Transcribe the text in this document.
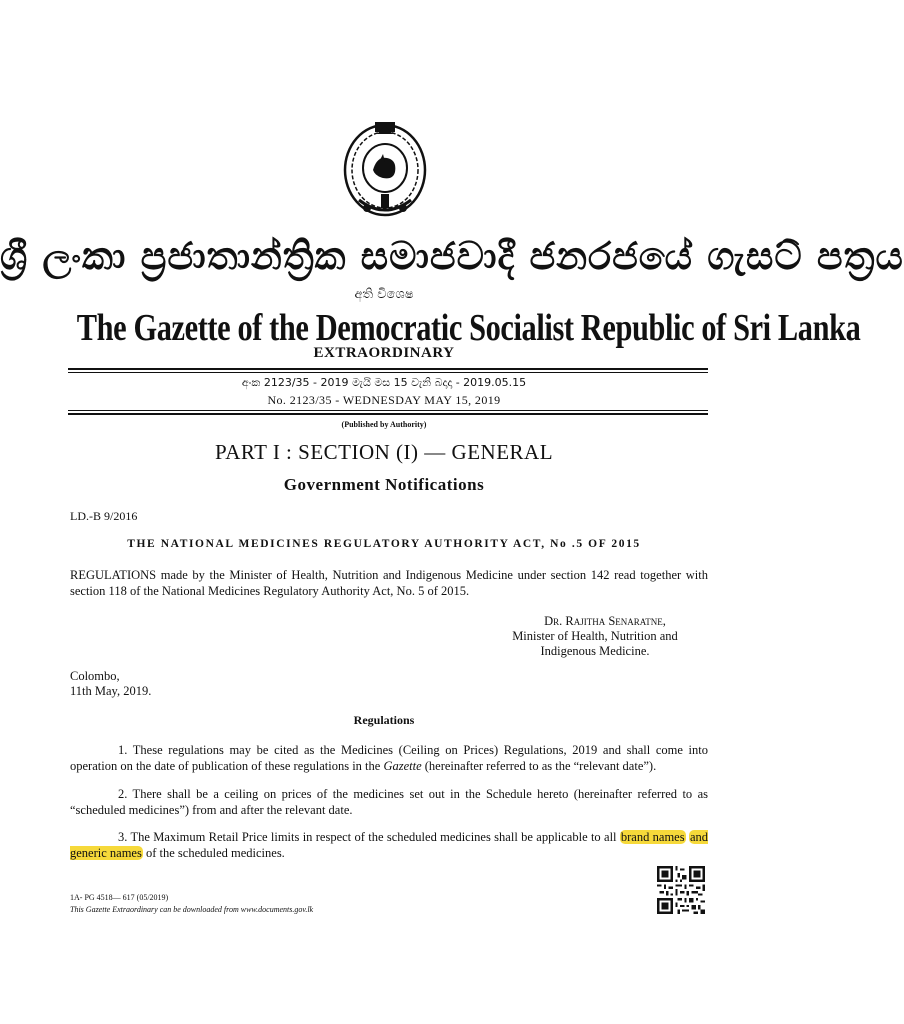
ශ්‍රී ලංකා ප්‍රජාතාන්ත්‍රික සමාජවාදී ජනරජයේ ගැසට් පත්‍රය
අති විශෙෂ
The Gazette of the Democratic Socialist Republic of Sri Lanka
EXTRAORDINARY
අංක 2123/35 - 2019 මැයි මස 15 වැනි බදාදා - 2019.05.15
No. 2123/35 - WEDNESDAY MAY 15, 2019
(Published by Authority)
PART I : SECTION (I) — GENERAL
Government Notifications
LD.-B 9/2016
THE NATIONAL MEDICINES REGULATORY AUTHORITY ACT, No .5 OF 2015
REGULATIONS made by the Minister of Health, Nutrition and Indigenous Medicine under section 142 read together with section 118 of the National Medicines Regulatory Authority Act, No. 5 of 2015.
Dr. Rajitha Senaratne,
Minister of Health, Nutrition and
Indigenous Medicine.
Colombo,
11th May, 2019.
Regulations
1. These regulations may be cited as the Medicines (Ceiling on Prices) Regulations, 2019 and shall come into operation on the date of publication of these regulations in the Gazette (hereinafter referred to as the “relevant date”).
2. There shall be a ceiling on prices of the medicines set out in the Schedule hereto (hereinafter referred to as “scheduled medicines”) from and after the relevant date.
3. The Maximum Retail Price limits in respect of the scheduled medicines shall be applicable to all brand names and generic names of the scheduled medicines.
1A- PG 4518— 617 (05/2019)
This Gazette Extraordinary can be downloaded from www.documents.gov.lk
